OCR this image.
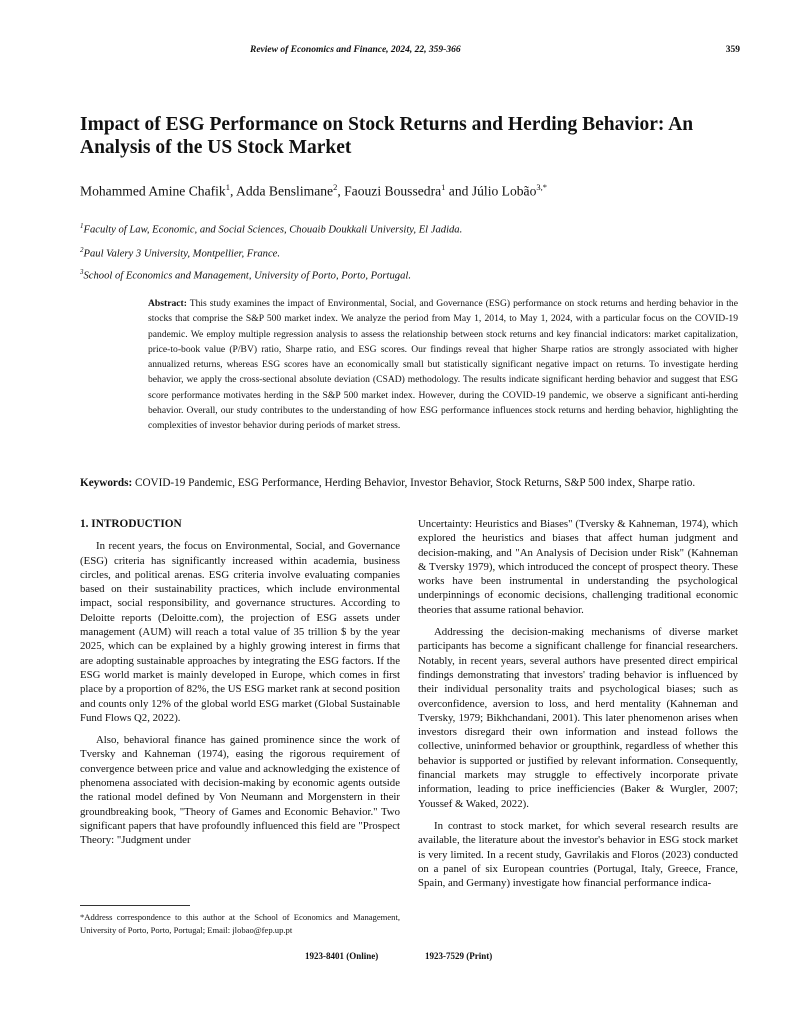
Review of Economics and Finance, 2024, 22, 359-366	359
Impact of ESG Performance on Stock Returns and Herding Behavior: An Analysis of the US Stock Market
Mohammed Amine Chafik$^1$, Adda Benslimane$^2$, Faouzi Boussedra$^1$ and Júlio Lobão$^{3,*}$
$^1$Faculty of Law, Economic, and Social Sciences, Chouaib Doukkali University, El Jadida.
$^2$Paul Valery 3 University, Montpellier, France.
$^3$School of Economics and Management, University of Porto, Porto, Portugal.

Abstract: This study examines the impact of Environmental, Social, and Governance (ESG) performance on stock returns and herding behavior in the stocks that comprise the S&P 500 market index. We analyze the period from May 1, 2014, to May 1, 2024, with a particular focus on the COVID-19 pandemic. We employ multiple regression analysis to assess the relationship between stock returns and key financial indicators: market capitalization, price-to-book value (P/BV) ratio, Sharpe ratio, and ESG scores. Our findings reveal that higher Sharpe ratios are strongly associated with higher annualized returns, whereas ESG scores have an economically small but statistically significant negative impact on returns. To investigate herding behavior, we apply the cross-sectional absolute deviation (CSAD) methodology. The results indicate significant herding behavior and suggest that ESG score performance motivates herding in the S&P 500 market index. However, during the COVID-19 pandemic, we observe a significant anti-herding behavior. Overall, our study contributes to the understanding of how ESG performance influences stock returns and herding behavior, highlighting the complexities of investor behavior during periods of market stress.

Keywords: COVID-19 Pandemic, ESG Performance, Herding Behavior, Investor Behavior, Stock Returns, S&P 500 index, Sharpe ratio.

1. INTRODUCTION

In recent years, the focus on Environmental, Social, and Governance (ESG) criteria has significantly increased within academia, business circles, and political arenas. ESG criteria involve evaluating companies based on their sustainability practices, which include environmental impact, social responsibility, and governance structures. According to Deloitte reports (Deloitte.com), the projection of ESG assets under management (AUM) will reach a total value of 35 trillion $ by the year 2025, which can be explained by a highly growing interest in firms that are adopting sustainable approaches by integrating the ESG factors. If the ESG world market is mainly developed in Europe, which comes in first place by a proportion of 82%, the US ESG market rank at second position and counts only 12% of the global world ESG market (Global Sustainable Fund Flows Q2, 2022).

Also, behavioral finance has gained prominence since the work of Tversky and Kahneman (1974), easing the rigorous requirement of convergence between price and value and acknowledging the existence of phenomena associated with decision-making by economic agents outside the rational model defined by Von Neumann and Morgenstern in their groundbreaking book, "Theory of Games and Economic Behavior." Two significant papers that have profoundly influenced this field are "Prospect Theory: "Judgment under

Uncertainty: Heuristics and Biases" (Tversky & Kahneman, 1974), which explored the heuristics and biases that affect human judgment and decision-making, and "An Analysis of Decision under Risk" (Kahneman & Tversky 1979), which introduced the concept of prospect theory. These works have been instrumental in understanding the psychological underpinnings of economic decisions, challenging traditional economic theories that assume rational behavior.

Addressing the decision-making mechanisms of diverse market participants has become a significant challenge for financial researchers. Notably, in recent years, several authors have presented direct empirical findings demonstrating that investors' trading behavior is influenced by their individual personality traits and psychological biases; such as overconfidence, aversion to loss, and herd mentality (Kahneman and Tversky, 1979; Bikhchandani, 2001). This later phenomenon arises when investors disregard their own information and instead follows the collective, uninformed behavior or groupthink, regardless of whether this behavior is supported or justified by relevant information. Consequently, financial markets may struggle to effectively incorporate private information, leading to price inefficiencies (Baker & Wurgler, 2007; Youssef & Waked, 2022).

In contrast to stock market, for which several research results are available, the literature about the investor's behavior in ESG stock market is very limited. In a recent study, Gavrilakis and Floros (2023) conducted on a panel of six European countries (Portugal, Italy, Greece, France, Spain, and Germany) investigate how financial performance indica-

*Address correspondence to this author at the School of Economics and Management, University of Porto, Porto, Portugal; Email: jlobao@fep.up.pt

1923-8401 (Online)	1923-7529 (Print)
